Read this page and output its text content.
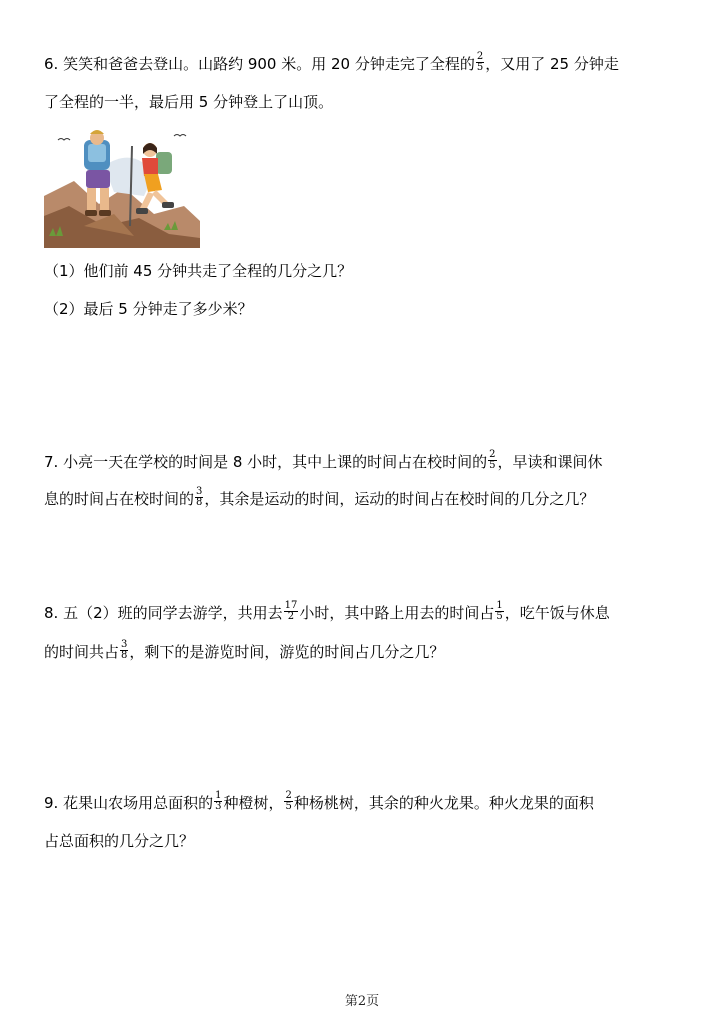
6. 笑笑和爸爸去登山。山路约 900 米。用 20 分钟走完了全程的 $\frac{2}{5}$ ，又用了 25 分钟走
了全程的一半，最后用 5 分钟登上了山顶。
（1）他们前 45 分钟共走了全程的几分之几？
（2）最后 5 分钟走了多少米？
7. 小亮一天在学校的时间是 8 小时，其中上课的时间占在校时间的 $\frac{2}{5}$ ，早读和课间休
息的时间占在校时间的 $\frac{3}{8}$ ，其余是运动的时间，运动的时间占在校时间的几分之几？
8. 五（2）班的同学去游学，共用去 $\frac{17}{2}$ 小时，其中路上用去的时间占 $\frac{1}{5}$ ，吃午饭与休息
的时间共占 $\frac{3}{8}$ ，剩下的是游览时间，游览的时间占几分之几？
9. 花果山农场用总面积的 $\frac{1}{3}$ 种橙树， $\frac{2}{5}$ 种杨桃树，其余的种火龙果。种火龙果的面积
占总面积的几分之几？
第2页
